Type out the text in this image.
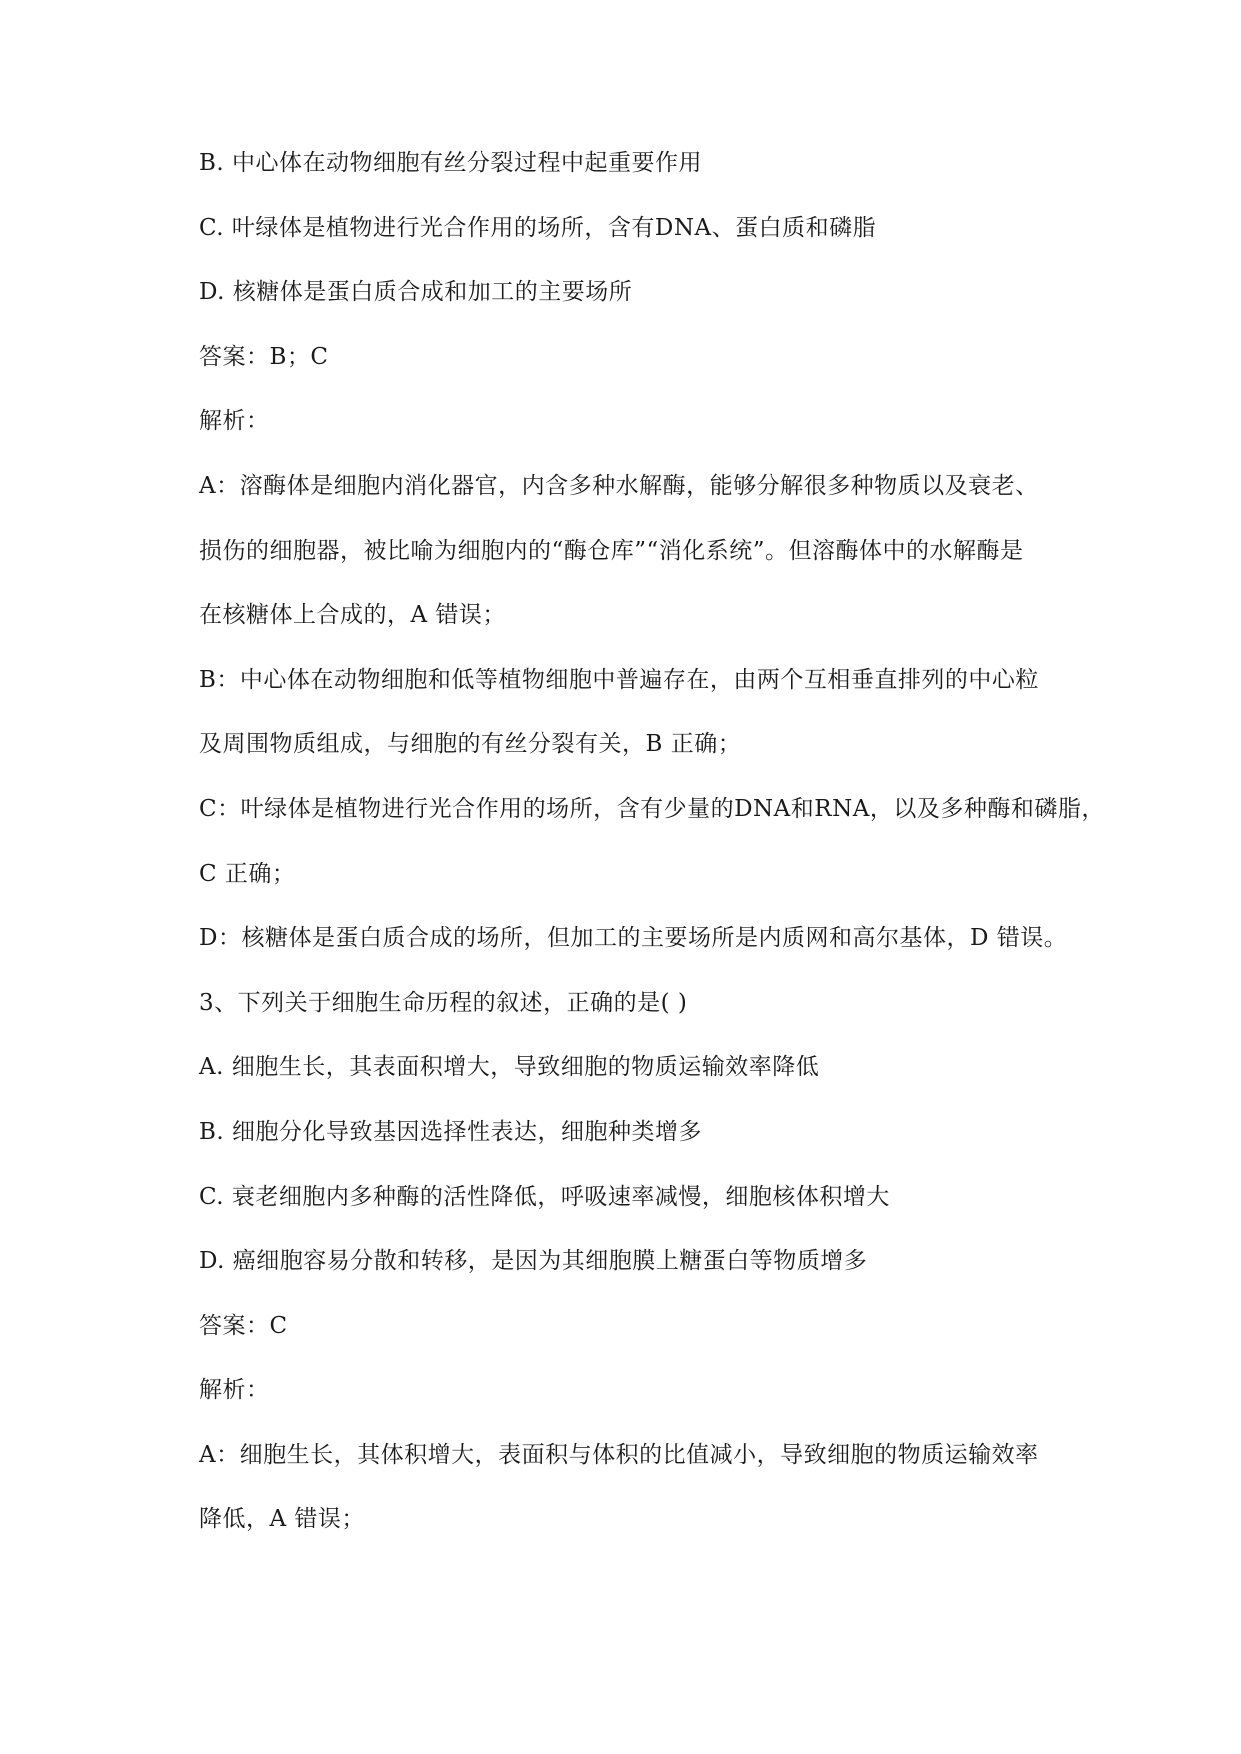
B. 中心体在动物细胞有丝分裂过程中起重要作用
C. 叶绿体是植物进行光合作用的场所，含有DNA、蛋白质和磷脂
D. 核糖体是蛋白质合成和加工的主要场所
答案：B；C
解析：
A：溶酶体是细胞内消化器官，内含多种水解酶，能够分解很多种物质以及衰老、
损伤的细胞器，被比喻为细胞内的“酶仓库”“消化系统”。但溶酶体中的水解酶是
在核糖体上合成的，A 错误；
B：中心体在动物细胞和低等植物细胞中普遍存在，由两个互相垂直排列的中心粒
及周围物质组成，与细胞的有丝分裂有关，B 正确；
C：叶绿体是植物进行光合作用的场所，含有少量的DNA和RNA，以及多种酶和磷脂，
C 正确；
D：核糖体是蛋白质合成的场所，但加工的主要场所是内质网和高尔基体，D 错误。
3、下列关于细胞生命历程的叙述，正确的是( )
A. 细胞生长，其表面积增大，导致细胞的物质运输效率降低
B. 细胞分化导致基因选择性表达，细胞种类增多
C. 衰老细胞内多种酶的活性降低，呼吸速率减慢，细胞核体积增大
D. 癌细胞容易分散和转移，是因为其细胞膜上糖蛋白等物质增多
答案：C
解析：
A：细胞生长，其体积增大，表面积与体积的比值减小，导致细胞的物质运输效率
降低，A 错误；
